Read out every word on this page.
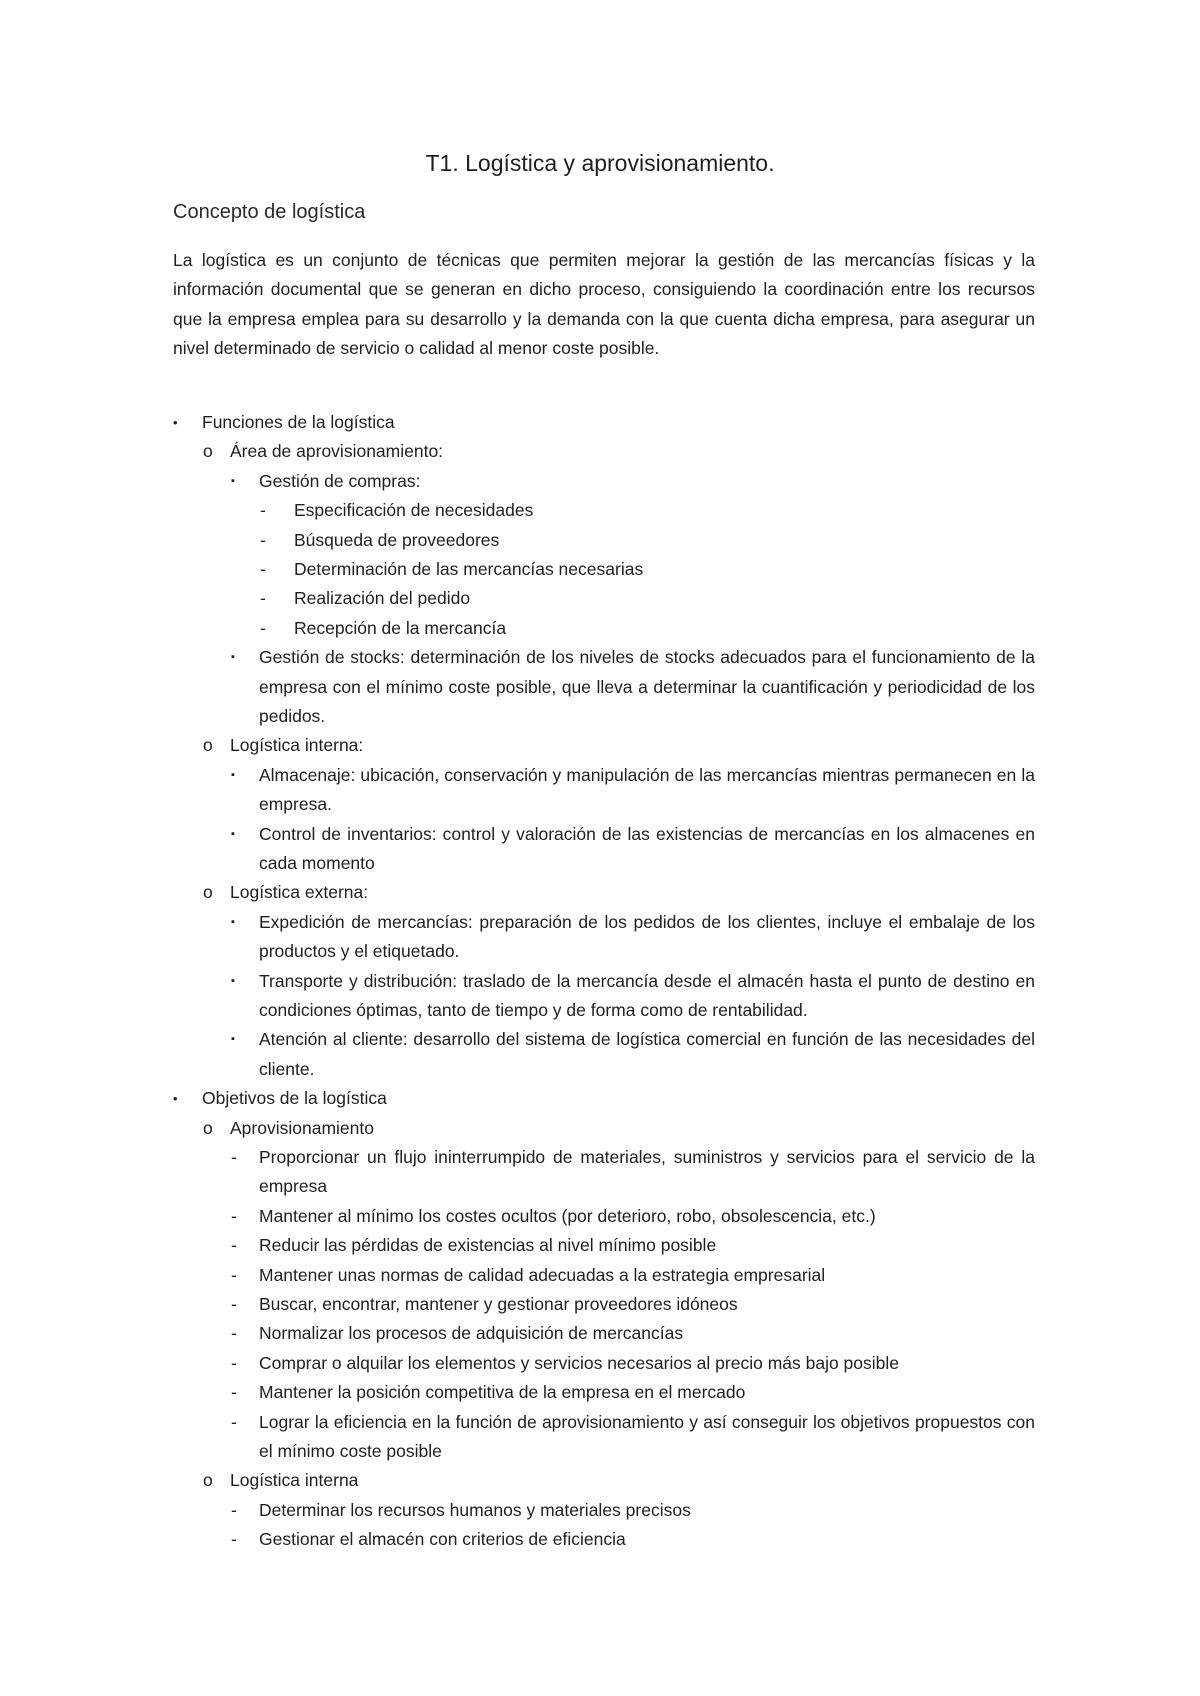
T1. Logística y aprovisionamiento.
Concepto de logística
La logística es un conjunto de técnicas que permiten mejorar la gestión de las mercancías físicas y la información documental que se generan en dicho proceso, consiguiendo la coordinación entre los recursos que la empresa emplea para su desarrollo y la demanda con la que cuenta dicha empresa, para asegurar un nivel determinado de servicio o calidad al menor coste posible.
• Funciones de la logística
o Área de aprovisionamiento:
▪ Gestión de compras:
- Especificación de necesidades
- Búsqueda de proveedores
- Determinación de las mercancías necesarias
- Realización del pedido
- Recepción de la mercancía
▪ Gestión de stocks: determinación de los niveles de stocks adecuados para el funcionamiento de la empresa con el mínimo coste posible, que lleva a determinar la cuantificación y periodicidad de los pedidos.
o Logística interna:
▪ Almacenaje: ubicación, conservación y manipulación de las mercancías mientras permanecen en la empresa.
▪ Control de inventarios: control y valoración de las existencias de mercancías en los almacenes en cada momento
o Logística externa:
▪ Expedición de mercancías: preparación de los pedidos de los clientes, incluye el embalaje de los productos y el etiquetado.
▪ Transporte y distribución: traslado de la mercancía desde el almacén hasta el punto de destino en condiciones óptimas, tanto de tiempo y de forma como de rentabilidad.
▪ Atención al cliente: desarrollo del sistema de logística comercial en función de las necesidades del cliente.
• Objetivos de la logística
o Aprovisionamiento
- Proporcionar un flujo ininterrumpido de materiales, suministros y servicios para el servicio de la empresa
- Mantener al mínimo los costes ocultos (por deterioro, robo, obsolescencia, etc.)
- Reducir las pérdidas de existencias al nivel mínimo posible
- Mantener unas normas de calidad adecuadas a la estrategia empresarial
- Buscar, encontrar, mantener y gestionar proveedores idóneos
- Normalizar los procesos de adquisición de mercancías
- Comprar o alquilar los elementos y servicios necesarios al precio más bajo posible
- Mantener la posición competitiva de la empresa en el mercado
- Lograr la eficiencia en la función de aprovisionamiento y así conseguir los objetivos propuestos con el mínimo coste posible
o Logística interna
- Determinar los recursos humanos y materiales precisos
- Gestionar el almacén con criterios de eficiencia
